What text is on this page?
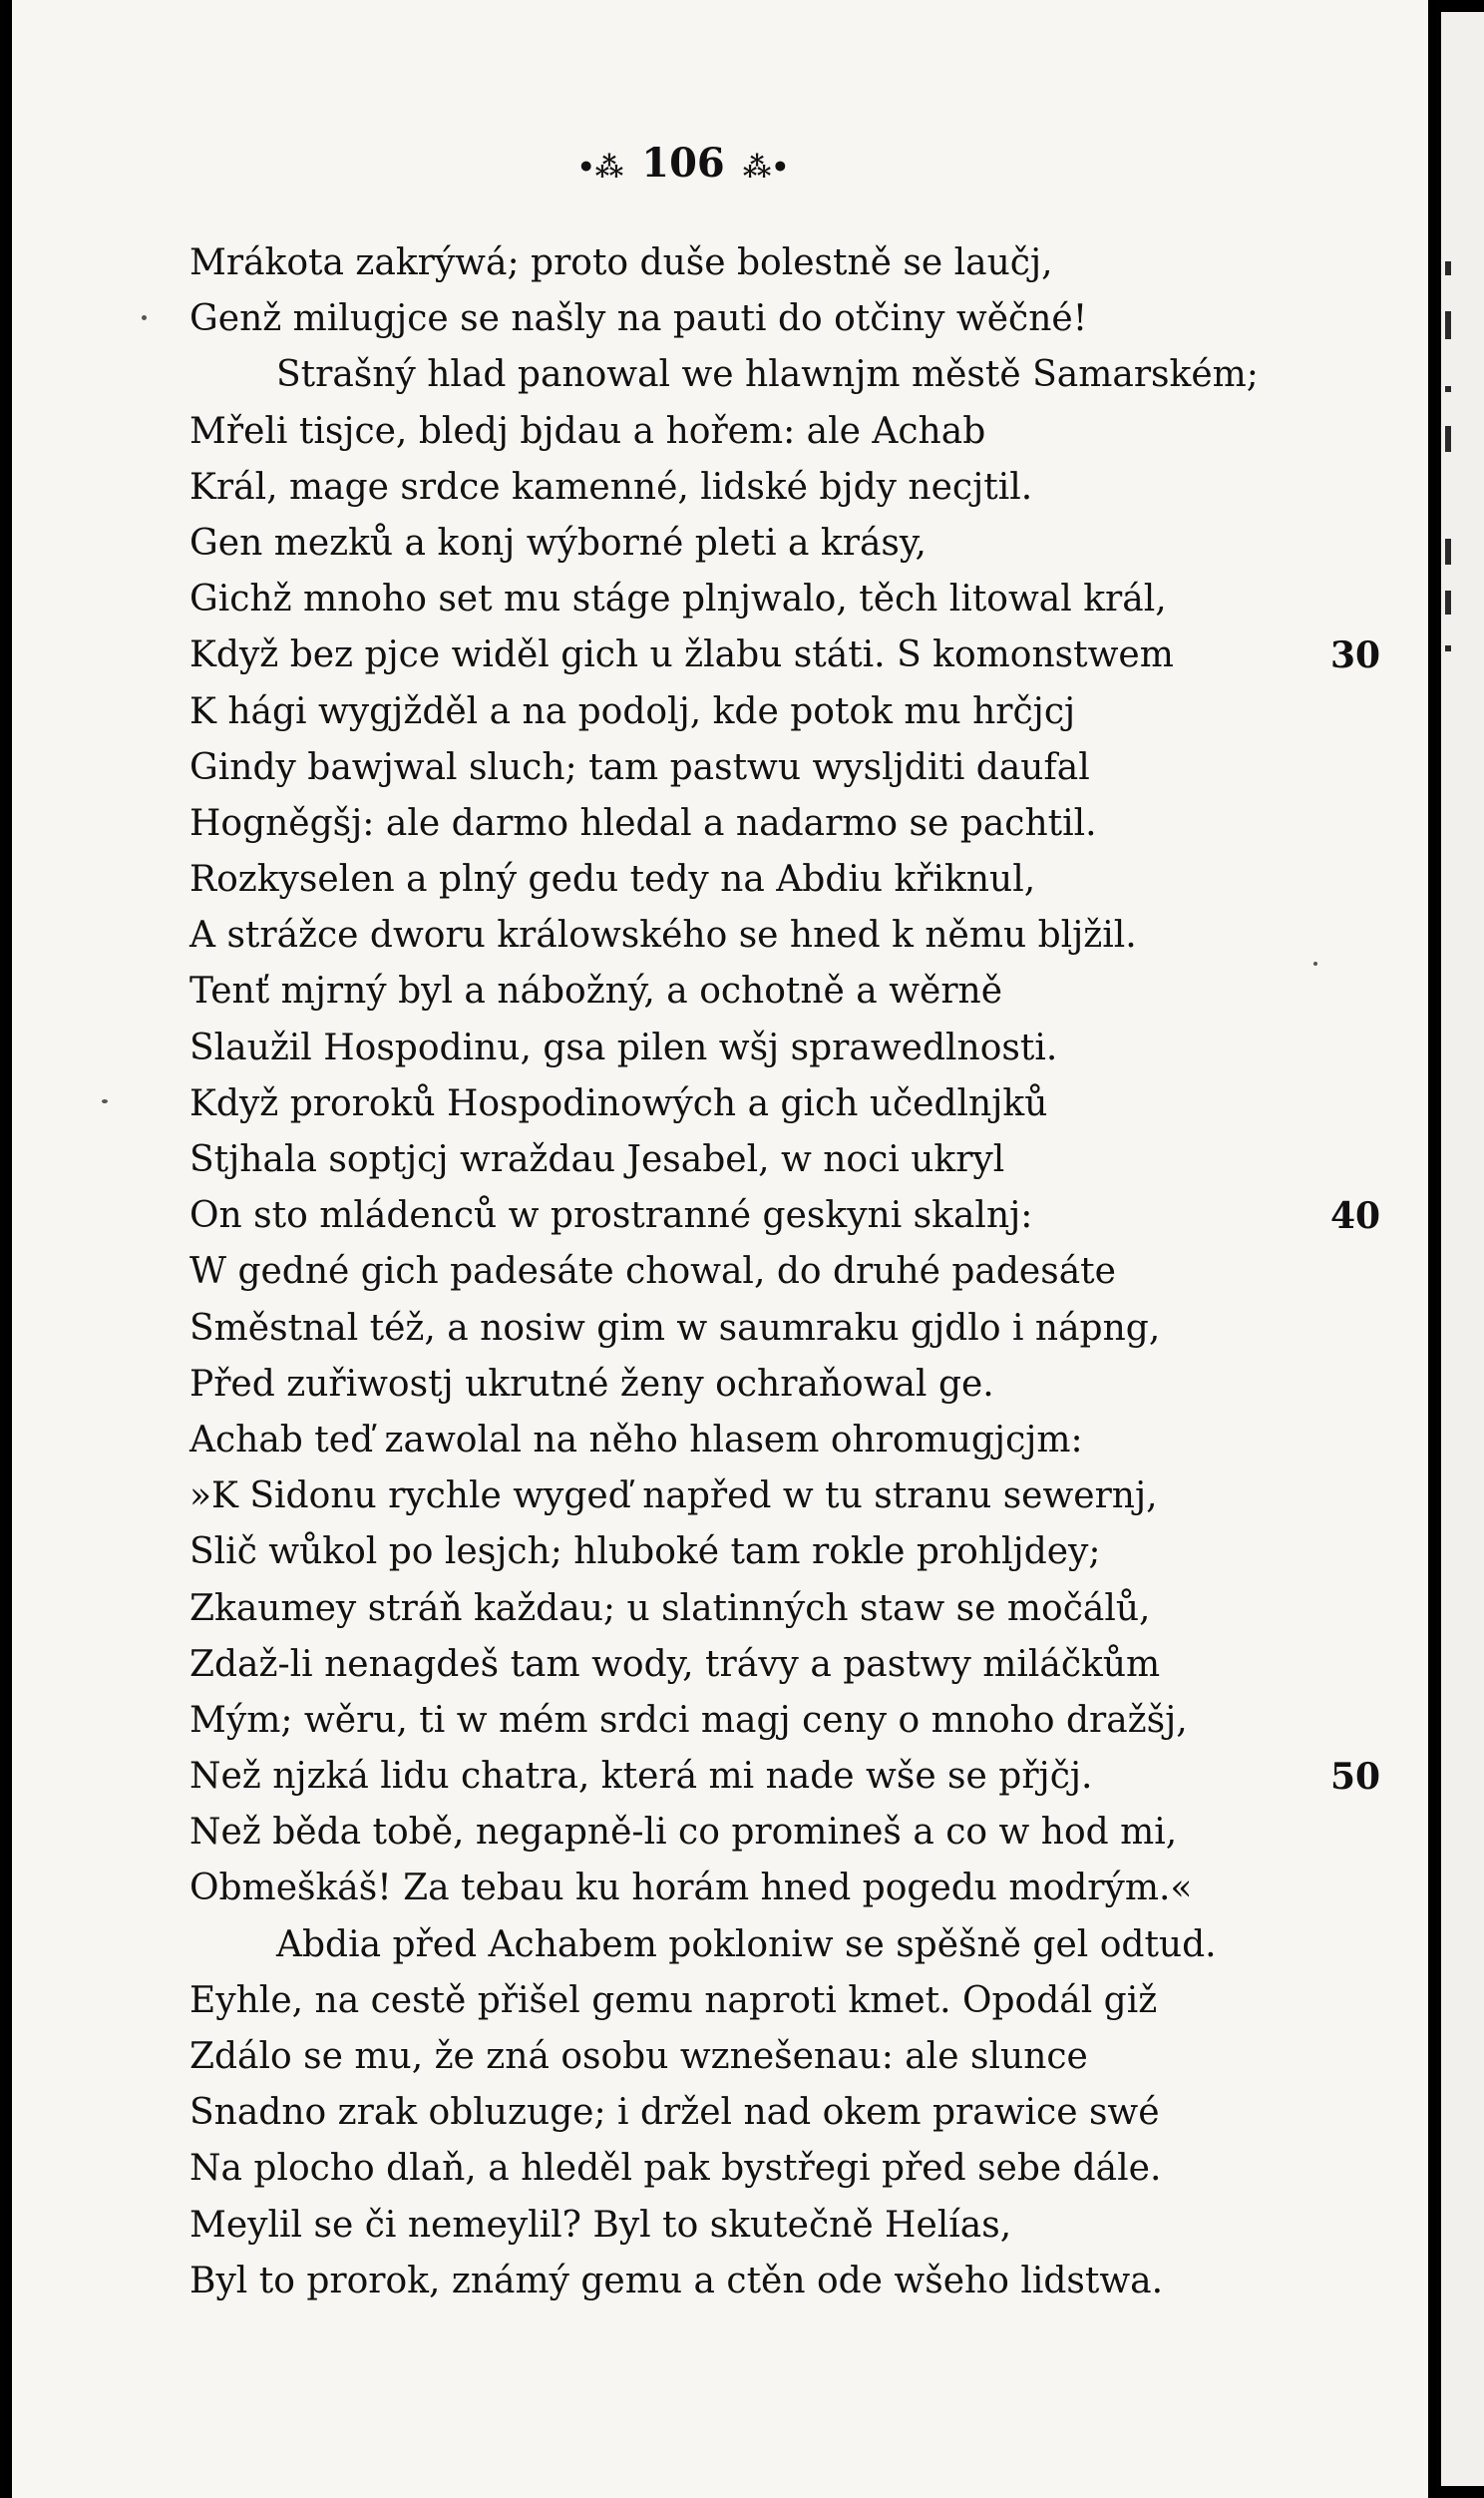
•⁂ 106 ⁂•
Mrákota zakrýwá; proto duše bolestně se laučj,
Genž milugjce se našly na pauti do otčiny wěčné!
Strašný hlad panowal we hlawnjm městě Samarském;
Mřeli tisjce, bledj bjdau a hořem: ale Achab
Král, mage srdce kamenné, lidské bjdy necjtil.
Gen mezků a konj wýborné pleti a krásy,
Gichž mnoho set mu stáge plnjwalo, těch litowal král,
Když bez pjce widěl gich u žlabu státi. S komonstwem	30
K hági wygjžděl a na podolj, kde potok mu hrčjcj
Gindy bawjwal sluch; tam pastwu wysljditi daufal
Hogněgšj: ale darmo hledal a nadarmo se pachtil.
Rozkyselen a plný gedu tedy na Abdiu křiknul,
A strážce dworu králowského se hned k němu bljžil.
Tenť mjrný byl a nábožný, a ochotně a wěrně
Slaužil Hospodinu, gsa pilen wšj sprawedlnosti.
Když proroků Hospodinowých a gich učedlnjků
Stjhala soptjcj wraždau Jesabel, w noci ukryl
On sto mládenců w prostranné geskyni skalnj:	40
W gedné gich padesáte chowal, do druhé padesáte
Směstnal též, a nosiw gim w saumraku gjdlo i nápng,
Před zuřiwostj ukrutné ženy ochraňowal ge.
Achab teď zawolal na něho hlasem ohromugjcjm:
»K Sidonu rychle wygeď napřed w tu stranu sewernj,
Slič wůkol po lesjch; hluboké tam rokle prohljdey;
Zkaumey stráň každau; u slatinných staw se močálů,
Zdaž-li nenagdeš tam wody, trávy a pastwy miláčkům
Mým; wěru, ti w mém srdci magj ceny o mnoho dražšj,
Než njzká lidu chatra, která mi nade wše se přjčj.	50
Než běda tobě, negapně-li co promineš a co w hod mi,
Obmeškáš! Za tebau ku horám hned pogedu modrým.«
Abdia před Achabem pokloniw se spěšně gel odtud.
Eyhle, na cestě přišel gemu naproti kmet. Opodál giž
Zdálo se mu, že zná osobu wznešenau: ale slunce
Snadno zrak obluzuge; i držel nad okem prawice swé
Na plocho dlaň, a hleděl pak bystřegi před sebe dále.
Meylil se či nemeylil? Byl to skutečně Helías,
Byl to prorok, známý gemu a ctěn ode wšeho lidstwa.
